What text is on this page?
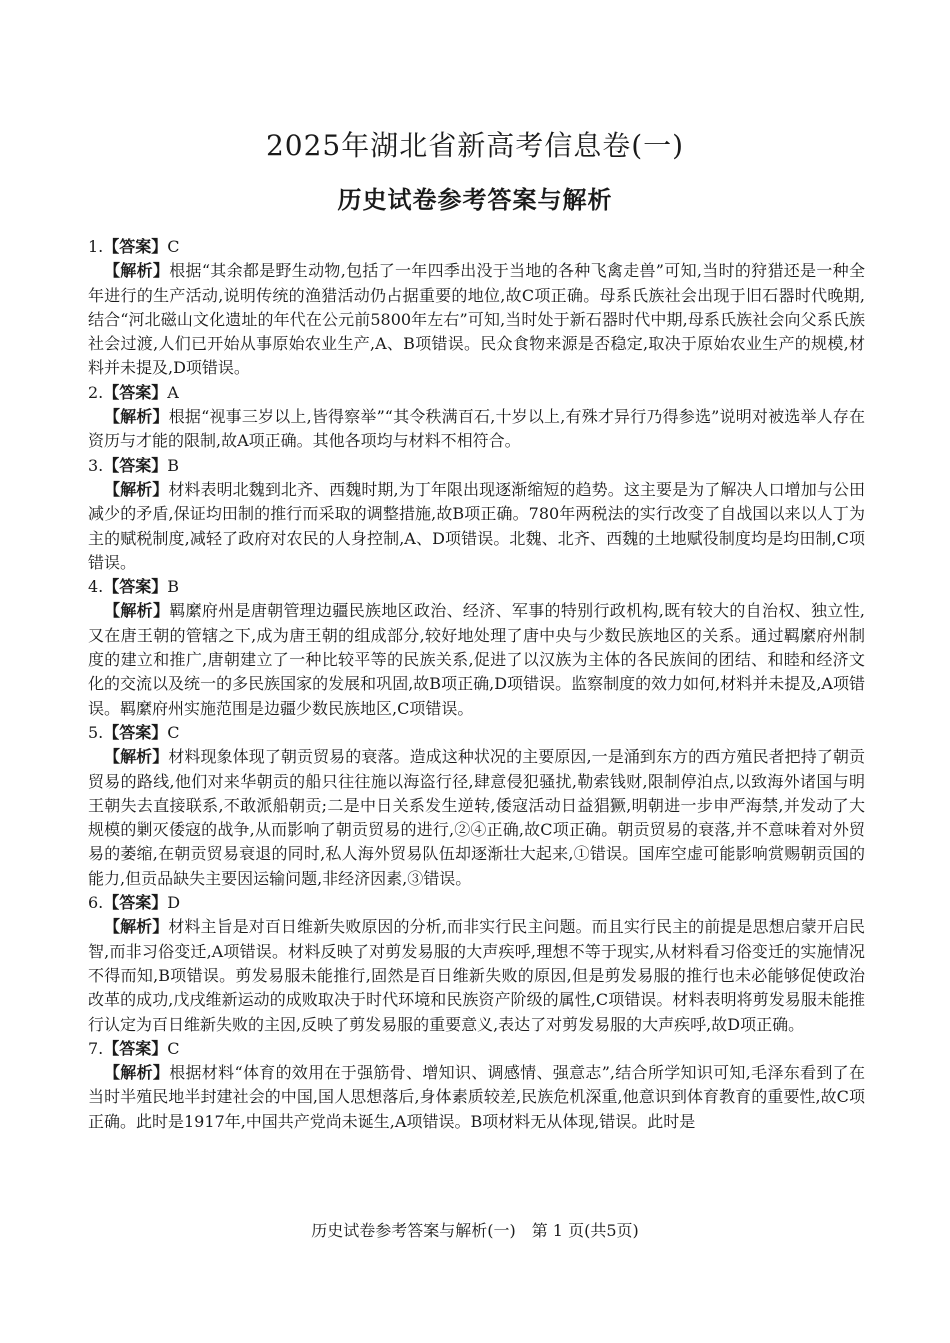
2025年湖北省新高考信息卷(一)
历史试卷参考答案与解析

1.【答案】C

【解析】根据“其余都是野生动物,包括了一年四季出没于当地的各种飞禽走兽”可知,当时的狩猎还是一种全年进行的生产活动,说明传统的渔猎活动仍占据重要的地位,故C项正确。母系氏族社会出现于旧石器时代晚期,结合“河北磁山文化遗址的年代在公元前5800年左右”可知,当时处于新石器时代中期,母系氏族社会向父系氏族社会过渡,人们已开始从事原始农业生产,A、B项错误。民众食物来源是否稳定,取决于原始农业生产的规模,材料并未提及,D项错误。

2.【答案】A

【解析】根据“视事三岁以上,皆得察举”“其令秩满百石,十岁以上,有殊才异行乃得参选”说明对被选举人存在资历与才能的限制,故A项正确。其他各项均与材料不相符合。

3.【答案】B

【解析】材料表明北魏到北齐、西魏时期,为丁年限出现逐渐缩短的趋势。这主要是为了解决人口增加与公田减少的矛盾,保证均田制的推行而采取的调整措施,故B项正确。780年两税法的实行改变了自战国以来以人丁为主的赋税制度,减轻了政府对农民的人身控制,A、D项错误。北魏、北齐、西魏的土地赋役制度均是均田制,C项错误。

4.【答案】B

【解析】羁縻府州是唐朝管理边疆民族地区政治、经济、军事的特别行政机构,既有较大的自治权、独立性,又在唐王朝的管辖之下,成为唐王朝的组成部分,较好地处理了唐中央与少数民族地区的关系。通过羁縻府州制度的建立和推广,唐朝建立了一种比较平等的民族关系,促进了以汉族为主体的各民族间的团结、和睦和经济文化的交流以及统一的多民族国家的发展和巩固,故B项正确,D项错误。监察制度的效力如何,材料并未提及,A项错误。羁縻府州实施范围是边疆少数民族地区,C项错误。

5.【答案】C

【解析】材料现象体现了朝贡贸易的衰落。造成这种状况的主要原因,一是涌到东方的西方殖民者把持了朝贡贸易的路线,他们对来华朝贡的船只往往施以海盗行径,肆意侵犯骚扰,勒索钱财,限制停泊点,以致海外诸国与明王朝失去直接联系,不敢派船朝贡;二是中日关系发生逆转,倭寇活动日益猖獗,明朝进一步申严海禁,并发动了大规模的剿灭倭寇的战争,从而影响了朝贡贸易的进行,②④正确,故C项正确。朝贡贸易的衰落,并不意味着对外贸易的萎缩,在朝贡贸易衰退的同时,私人海外贸易队伍却逐渐壮大起来,①错误。国库空虚可能影响赏赐朝贡国的能力,但贡品缺失主要因运输问题,非经济因素,③错误。

6.【答案】D

【解析】材料主旨是对百日维新失败原因的分析,而非实行民主问题。而且实行民主的前提是思想启蒙开启民智,而非习俗变迁,A项错误。材料反映了对剪发易服的大声疾呼,理想不等于现实,从材料看习俗变迁的实施情况不得而知,B项错误。剪发易服未能推行,固然是百日维新失败的原因,但是剪发易服的推行也未必能够促使政治改革的成功,戊戌维新运动的成败取决于时代环境和民族资产阶级的属性,C项错误。材料表明将剪发易服未能推行认定为百日维新失败的主因,反映了剪发易服的重要意义,表达了对剪发易服的大声疾呼,故D项正确。

7.【答案】C

【解析】根据材料“体育的效用在于强筋骨、增知识、调感情、强意志”,结合所学知识可知,毛泽东看到了在当时半殖民地半封建社会的中国,国人思想落后,身体素质较差,民族危机深重,他意识到体育教育的重要性,故C项正确。此时是1917年,中国共产党尚未诞生,A项错误。B项材料无从体现,错误。此时是

历史试卷参考答案与解析(一)　第 1 页(共5页)
